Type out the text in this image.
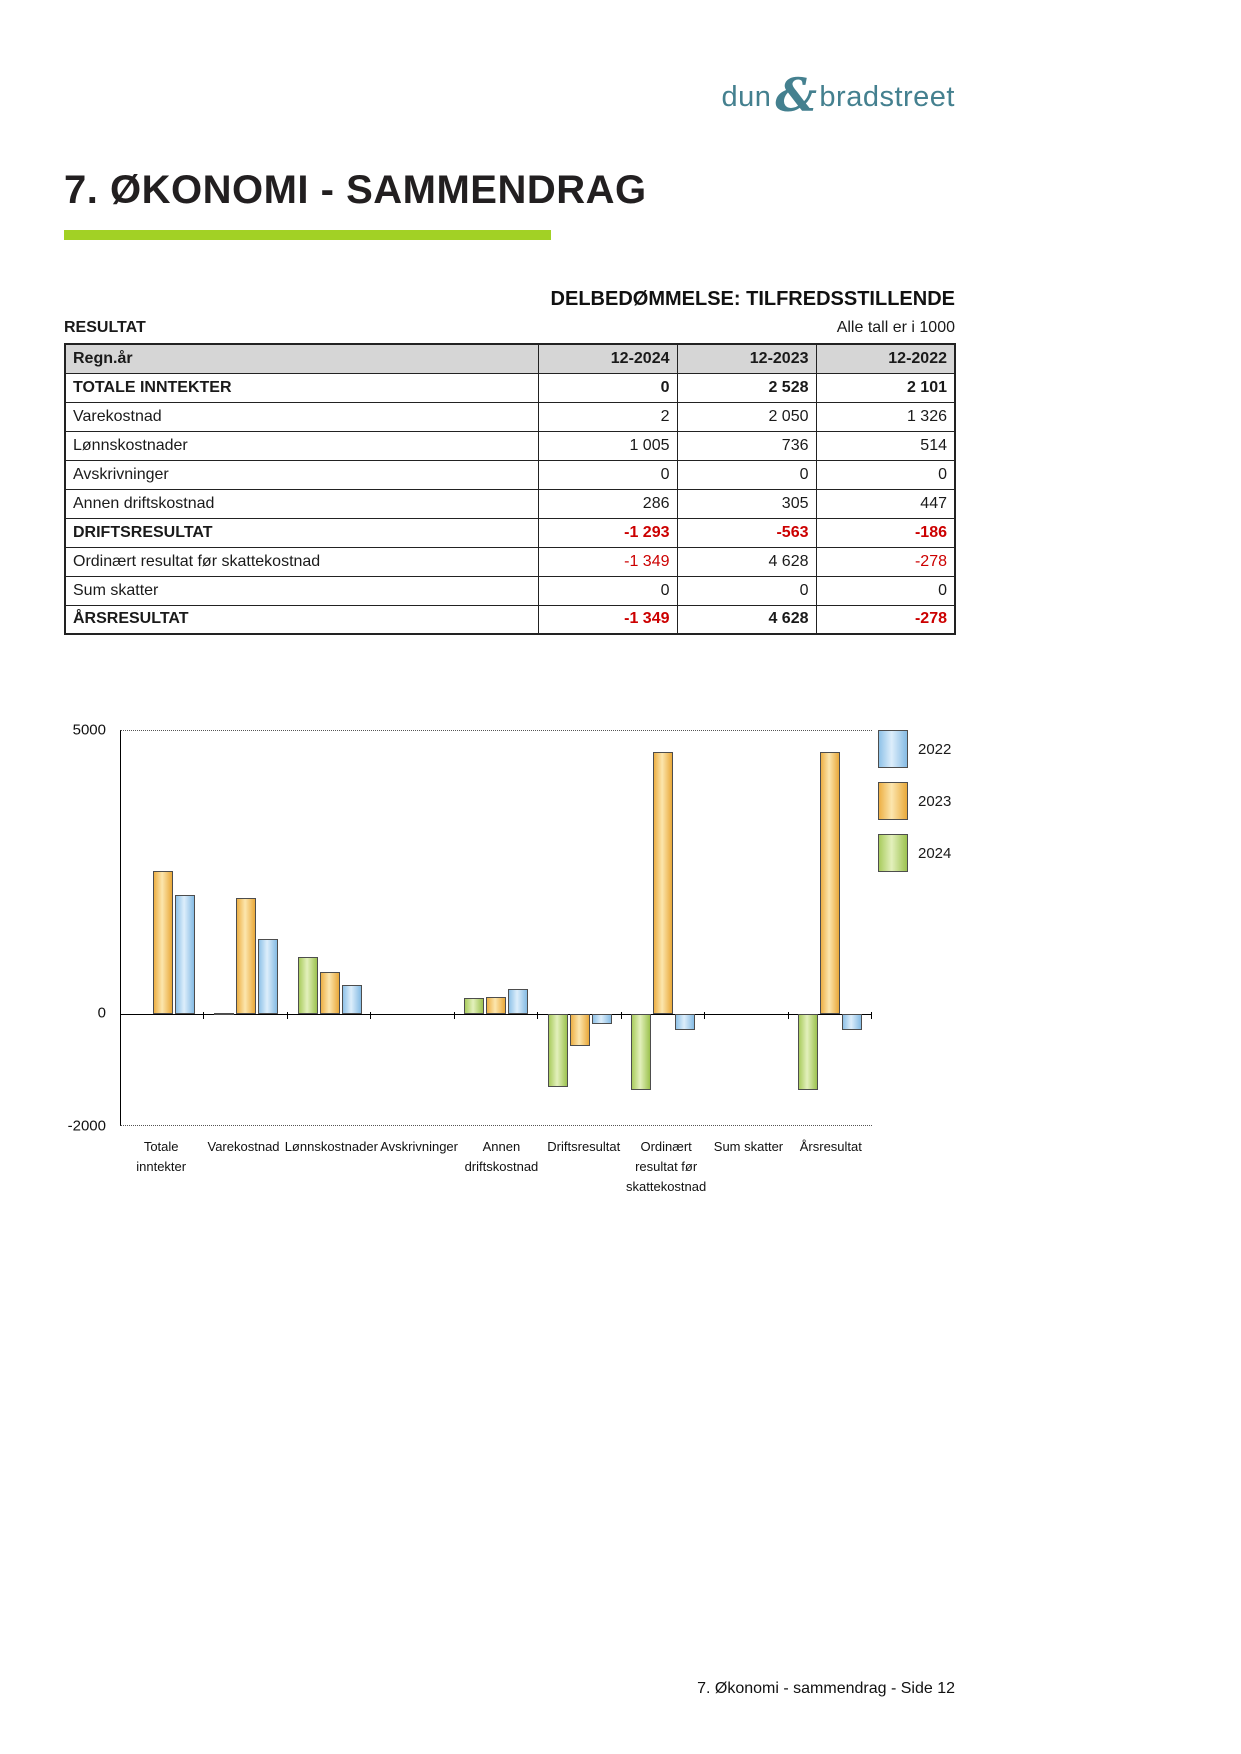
dun & bradstreet
7. ØKONOMI - SAMMENDRAG
DELBEDØMMELSE: TILFREDSSTILLENDE
RESULTAT	Alle tall er i 1000
Regn.år	12-2024	12-2023	12-2022
TOTALE INNTEKTER	0	2 528	2 101
Varekostnad	2	2 050	1 326
Lønnskostnader	1 005	736	514
Avskrivninger	0	0	0
Annen driftskostnad	286	305	447
DRIFTSRESULTAT	-1 293	-563	-186
Ordinært resultat før skattekostnad	-1 349	4 628	-278
Sum skatter	0	0	0
ÅRSRESULTAT	-1 349	4 628	-278
5000
0
-2000
Totale inntekter
Varekostnad Lønnskostnader Avskrivninger	Annen driftskostnad
Driftsresultat	Ordinært resultat før skattekostnad
Sum skatter	Årsresultat
2022
2023
2024
7. Økonomi - sammendrag - Side 12
